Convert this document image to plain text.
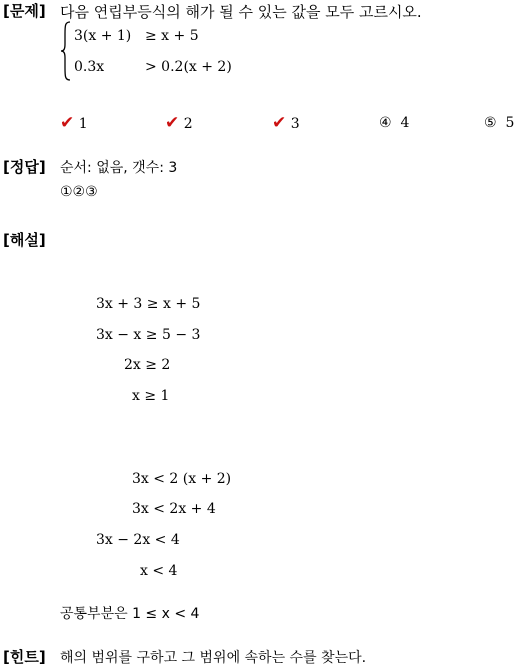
[문제]
[정답]
[해설]
[힌트]
다음 연립부등식의 해가 될 수 있는 값을 모두 고르시오.
3(x + 1) ≥ x + 5
0.3x	> 0.2(x + 2)
✔ 1	✔ 2	✔ 3	④ 4	⑤ 5
순서: 없음, 갯수: 3
①②③
3x + 3 ≥ x + 5
3x − x ≥ 5 − 3
2x ≥ 2
x ≥ 1
3x < 2 (x + 2)
3x < 2x + 4
3x − 2x < 4
x < 4
공통부분은 1 ≤ x < 4
해의 범위를 구하고 그 범위에 속하는 수를 찾는다.
